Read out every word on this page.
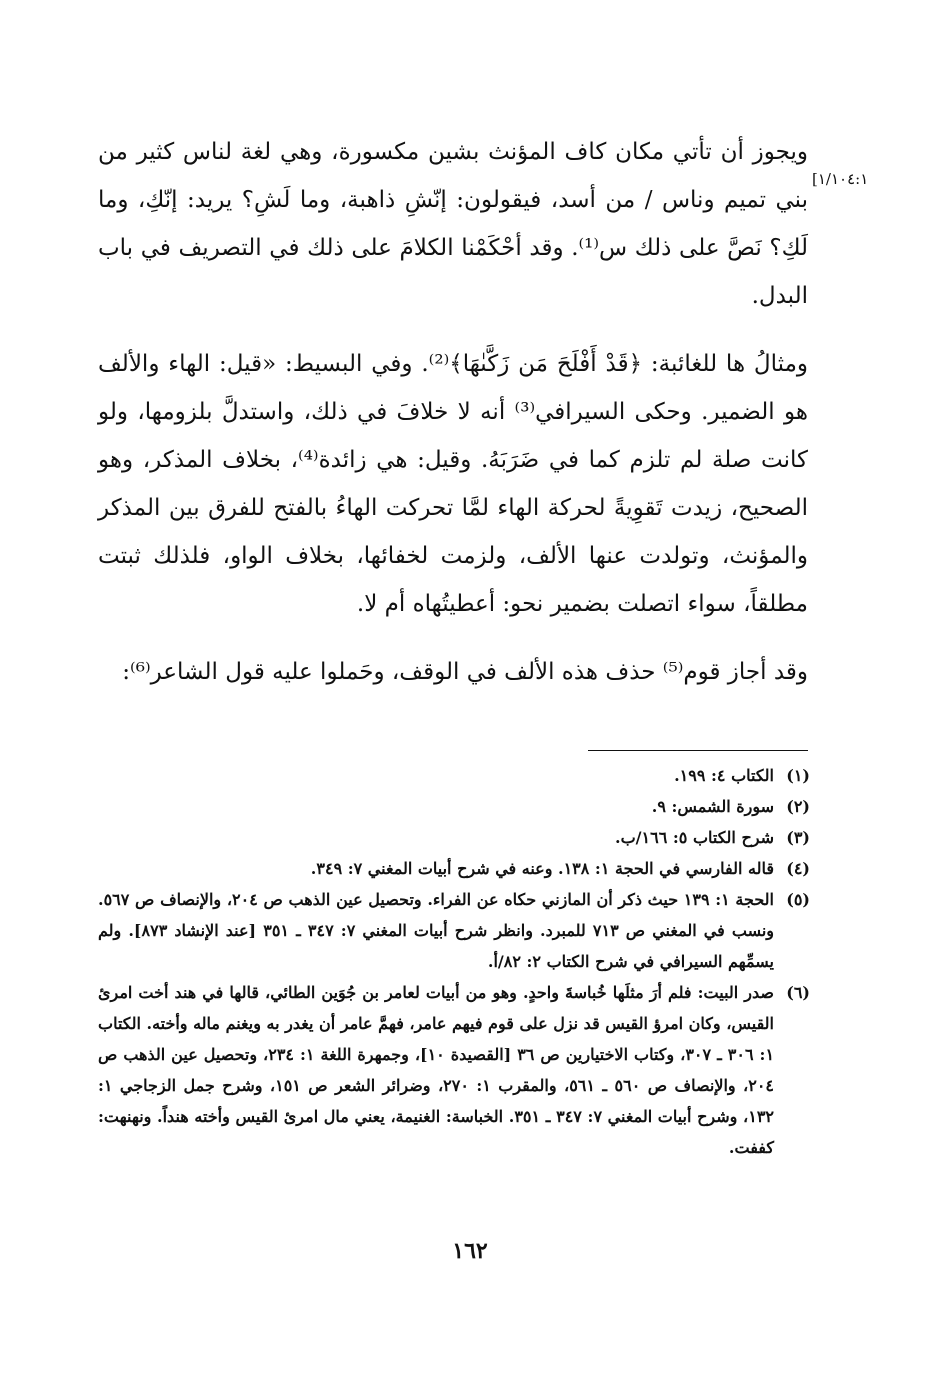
[١/١٠٤:١

ويجوز أن تأتي مكان كاف المؤنث بشين مكسورة، وهي لغة لناس كثير من بني تميم وناس / من أسد، فيقولون: إنّشِ ذاهبة، وما لَشِ؟ يريد: إنّكِ، وما لَكِ؟ نَصَّ على ذلك س⁽¹⁾. وقد أحْكَمْنا الكلامَ على ذلك في التصريف في باب البدل.

ومثالُ ها للغائبة: ﴿قَدْ أَفْلَحَ مَن زَكَّىٰهَا﴾⁽²⁾. وفي البسيط: «قيل: الهاء والألف هو الضمير. وحكى السيرافي⁽³⁾ أنه لا خلافَ في ذلك، واستدلَّ بلزومها، ولو كانت صلة لم تلزم كما في ضَرَبَهُ. وقيل: هي زائدة⁽⁴⁾، بخلاف المذكر، وهو الصحيح، زيدت تَقوِيةً لحركة الهاء لمَّا تحركت الهاءُ بالفتح للفرق بين المذكر والمؤنث، وتولدت عنها الألف، ولزمت لخفائها، بخلاف الواو، فلذلك ثبتت مطلقاً، سواء اتصلت بضمير نحو: أعطيتُهاه أم لا.

وقد أجاز قوم⁽⁵⁾ حذف هذه الألف في الوقف، وحَملوا عليه قول الشاعر⁽⁶⁾:

(١)
الكتاب ٤: ١٩٩.
(٢)
سورة الشمس: ٩.
(٣)
شرح الكتاب ٥: ١٦٦/ب.
(٤)
قاله الفارسي في الحجة ١: ١٣٨. وعنه في شرح أبيات المغني ٧: ٣٤٩.
(٥)
الحجة ١: ١٣٩ حيث ذكر أن المازني حكاه عن الفراء. وتحصيل عين الذهب ص ٢٠٤، والإنصاف ص ٥٦٧. ونسب في المغني ص ٧١٣ للمبرد. وانظر شرح أبيات المغني ٧: ٣٤٧ ـ ٣٥١ [عند الإنشاد ٨٧٣]. ولم يسمِّهم السيرافي في شرح الكتاب ٢: ٨٢/أ.
(٦)
صدر البيت: فلم أرَ مثلَها خُباسةَ واحدٍ. وهو من أبيات لعامر بن جُوَين الطائي، قالها في هند أخت امرئ القيس، وكان امرؤ القيس قد نزل على قوم فيهم عامر، فهمَّ عامر أن يغدر به ويغنم ماله وأخته. الكتاب ١: ٣٠٦ ـ ٣٠٧، وكتاب الاختيارين ص ٣٦ [القصيدة ١٠]، وجمهرة اللغة ١: ٢٣٤، وتحصيل عين الذهب ص ٢٠٤، والإنصاف ص ٥٦٠ ـ ٥٦١، والمقرب ١: ٢٧٠، وضرائر الشعر ص ١٥١، وشرح جمل الزجاجي ١: ١٣٢، وشرح أبيات المغني ٧: ٣٤٧ ـ ٣٥١. الخباسة: الغنيمة، يعني مال امرئ القيس وأخته هنداً. ونهنهت: كففت.
١٦٢
